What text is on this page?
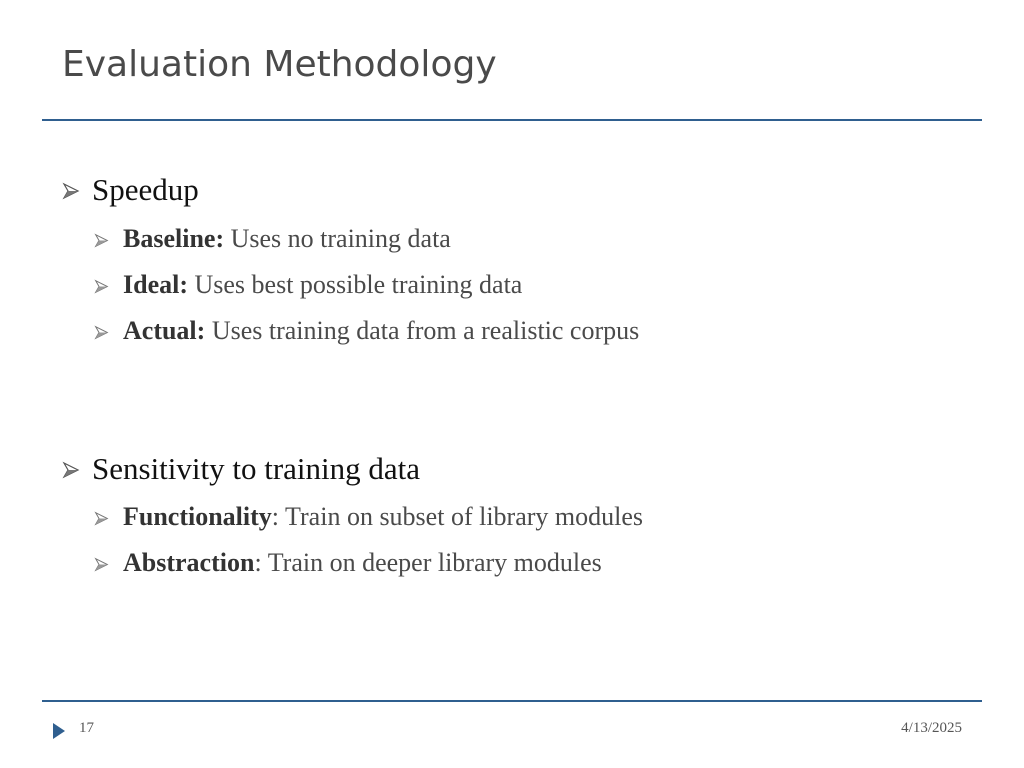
Evaluation Methodology
Speedup
Baseline: Uses no training data
Ideal: Uses best possible training data
Actual: Uses training data from a realistic corpus
Sensitivity to training data
Functionality: Train on subset of library modules
Abstraction: Train on deeper library modules
17	4/13/2025
